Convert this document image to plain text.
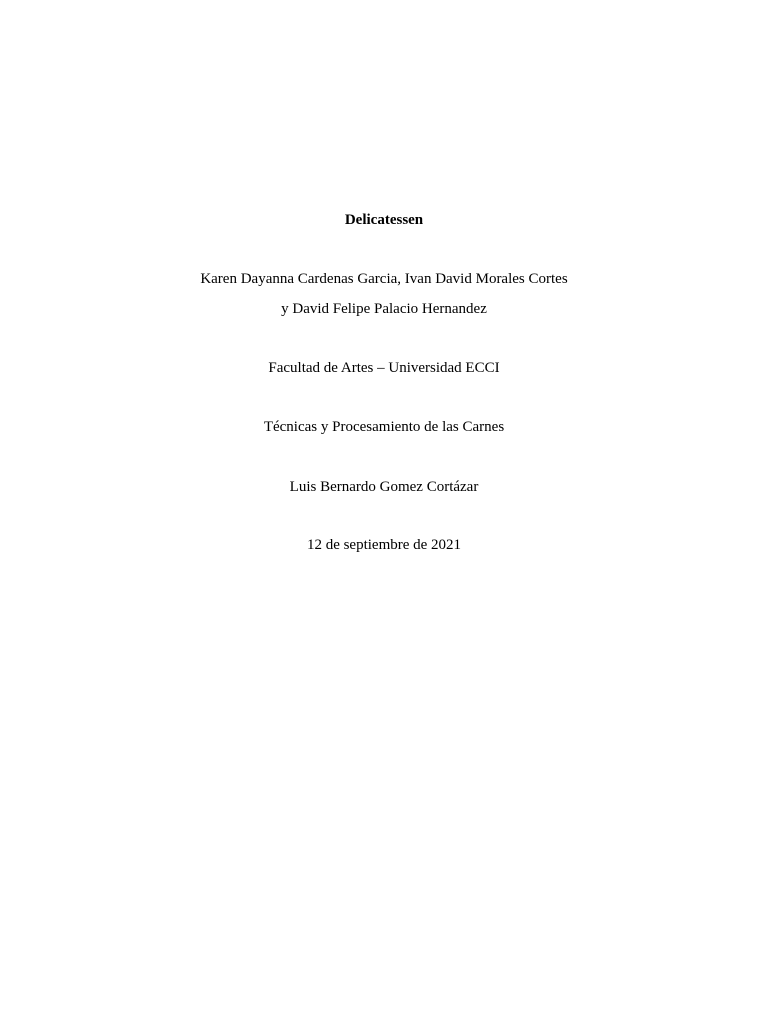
Delicatessen
Karen Dayanna Cardenas Garcia, Ivan David Morales Cortes
y David Felipe Palacio Hernandez
Facultad de Artes – Universidad ECCI
Técnicas y Procesamiento de las Carnes
Luis Bernardo Gomez Cortázar
12 de septiembre de 2021
